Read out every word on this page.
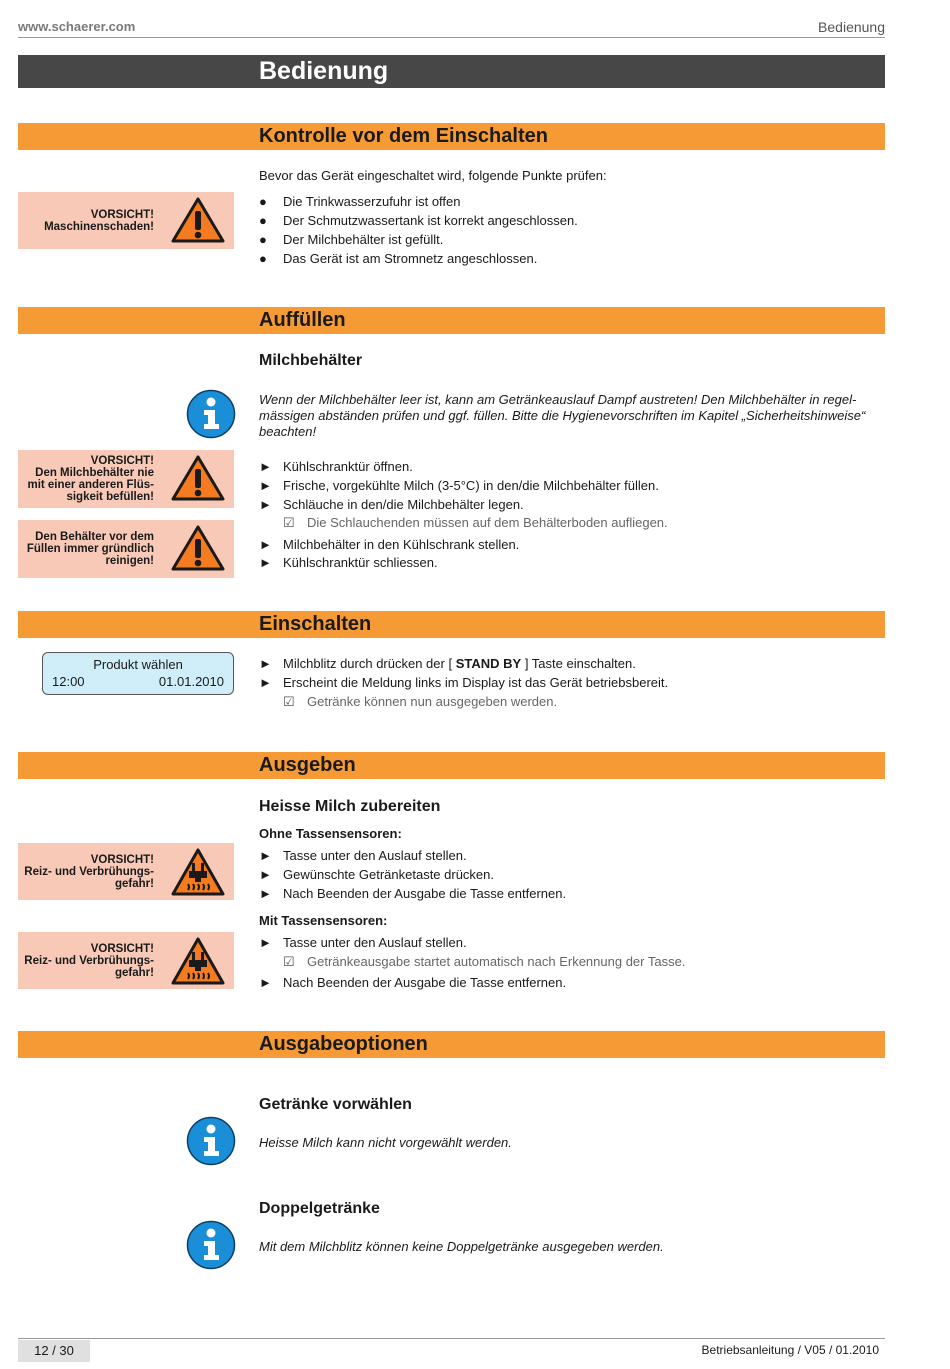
www.schaerer.com	Bedienung
Bedienung
Kontrolle vor dem Einschalten
Bevor das Gerät eingeschaltet wird, folgende Punkte prüfen:
VORSICHT!
Maschinenschaden!
● Die Trinkwasserzufuhr ist offen
● Der Schmutzwassertank ist korrekt angeschlossen.
● Der Milchbehälter ist gefüllt.
● Das Gerät ist am Stromnetz angeschlossen.
Auffüllen
Milchbehälter
Wenn der Milchbehälter leer ist, kann am Getränkeauslauf Dampf austreten! Den Milchbehälter in regel-
mässigen abständen prüfen und ggf. füllen. Bitte die Hygienevorschriften im Kapitel „Sicherheitshinweise“
beachten!
VORSICHT!
Den Milchbehälter nie
mit einer anderen Flüs-
sigkeit befüllen!
Den Behälter vor dem
Füllen immer gründlich
reinigen!
► Kühlschranktür öffnen.
► Frische, vorgekühlte Milch (3-5°C) in den/die Milchbehälter füllen.
► Schläuche in den/die Milchbehälter legen.
☑ Die Schlauchenden müssen auf dem Behälterboden aufliegen.
► Milchbehälter in den Kühlschrank stellen.
► Kühlschranktür schliessen.
Einschalten
Produkt wählen
12:00	01.01.2010
► Milchblitz durch drücken der [ STAND BY ] Taste einschalten.
► Erscheint die Meldung links im Display ist das Gerät betriebsbereit.
☑ Getränke können nun ausgegeben werden.
Ausgeben
Heisse Milch zubereiten
Ohne Tassensensoren:
VORSICHT!
Reiz- und Verbrühungs-
gefahr!
► Tasse unter den Auslauf stellen.
► Gewünschte Getränketaste drücken.
► Nach Beenden der Ausgabe die Tasse entfernen.
Mit Tassensensoren:
VORSICHT!
Reiz- und Verbrühungs-
gefahr!
► Tasse unter den Auslauf stellen.
☑ Getränkeausgabe startet automatisch nach Erkennung der Tasse.
► Nach Beenden der Ausgabe die Tasse entfernen.
Ausgabeoptionen
Getränke vorwählen
Heisse Milch kann nicht vorgewählt werden.
Doppelgetränke
Mit dem Milchblitz können keine Doppelgetränke ausgegeben werden.
12 / 30	Betriebsanleitung / V05 / 01.2010
